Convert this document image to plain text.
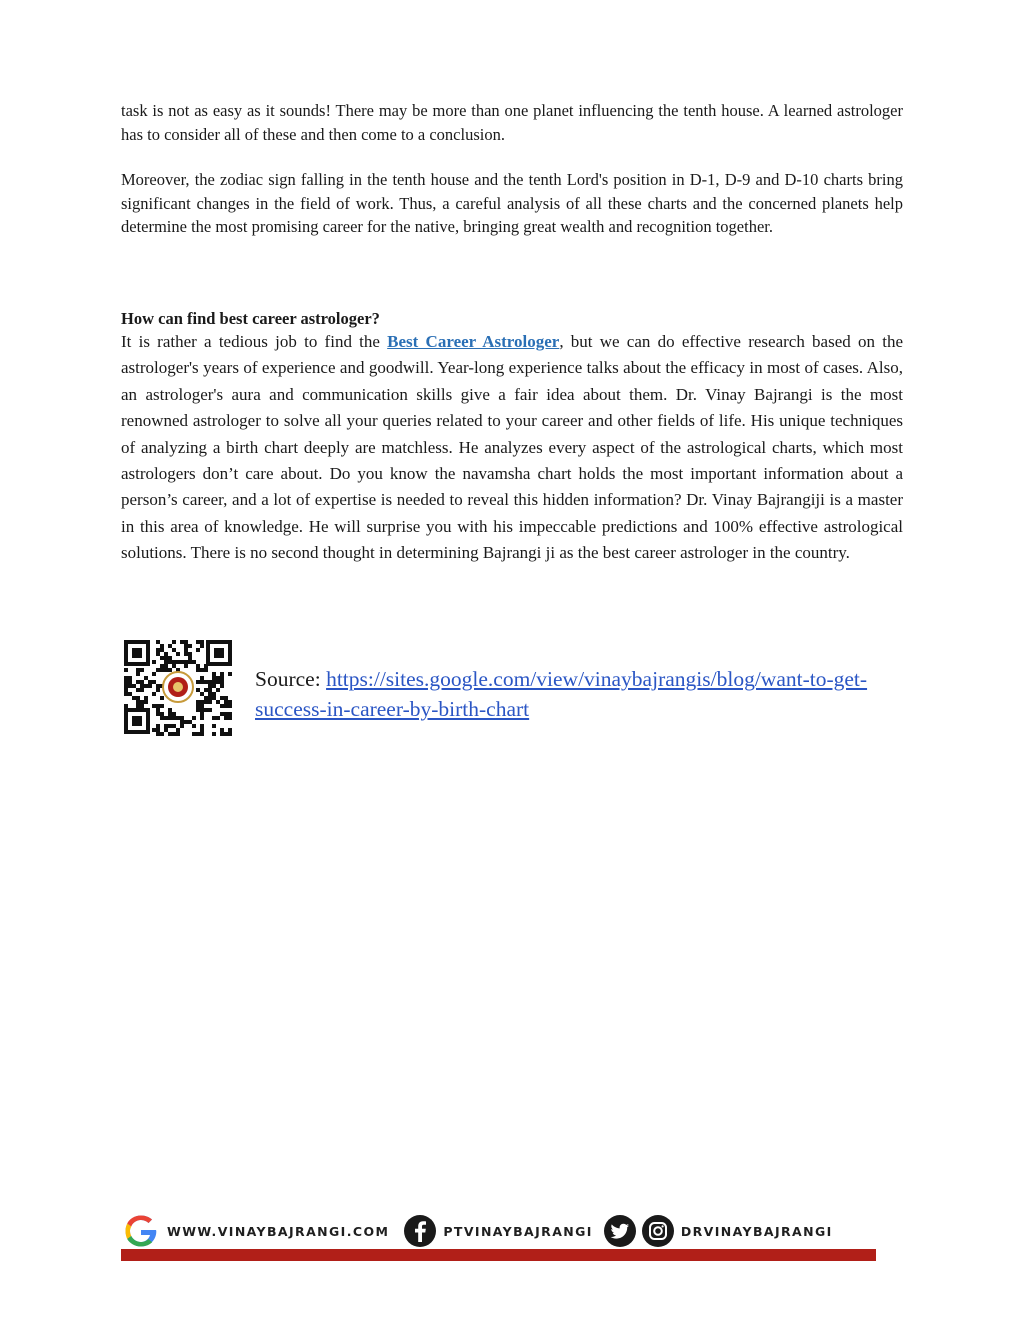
task is not as easy as it sounds! There may be more than one planet influencing the tenth house. A learned astrologer has to consider all of these and then come to a conclusion.

Moreover, the zodiac sign falling in the tenth house and the tenth Lord's position in D-1, D-9 and D-10 charts bring significant changes in the field of work. Thus, a careful analysis of all these charts and the concerned planets help determine the most promising career for the native, bringing great wealth and recognition together.

How can find best career astrologer?

It is rather a tedious job to find the Best Career Astrologer, but we can do effective research based on the astrologer's years of experience and goodwill. Year-long experience talks about the efficacy in most of cases. Also, an astrologer's aura and communication skills give a fair idea about them. Dr. Vinay Bajrangi is the most renowned astrologer to solve all your queries related to your career and other fields of life. His unique techniques of analyzing a birth chart deeply are matchless. He analyzes every aspect of the astrological charts, which most astrologers don’t care about. Do you know the navamsha chart holds the most important information about a person’s career, and a lot of expertise is needed to reveal this hidden information? Dr. Vinay Bajrangiji is a master in this area of knowledge. He will surprise you with his impeccable predictions and 100% effective astrological solutions. There is no second thought in determining Bajrangi ji as the best career astrologer in the country.

Source: https://sites.google.com/view/vinaybajrangis/blog/want-to-get-success-in-career-by-birth-chart
WWW.VINAYBAJRANGI.COM	PTVINAYBAJRANGI	DRVINAYBAJRANGI
